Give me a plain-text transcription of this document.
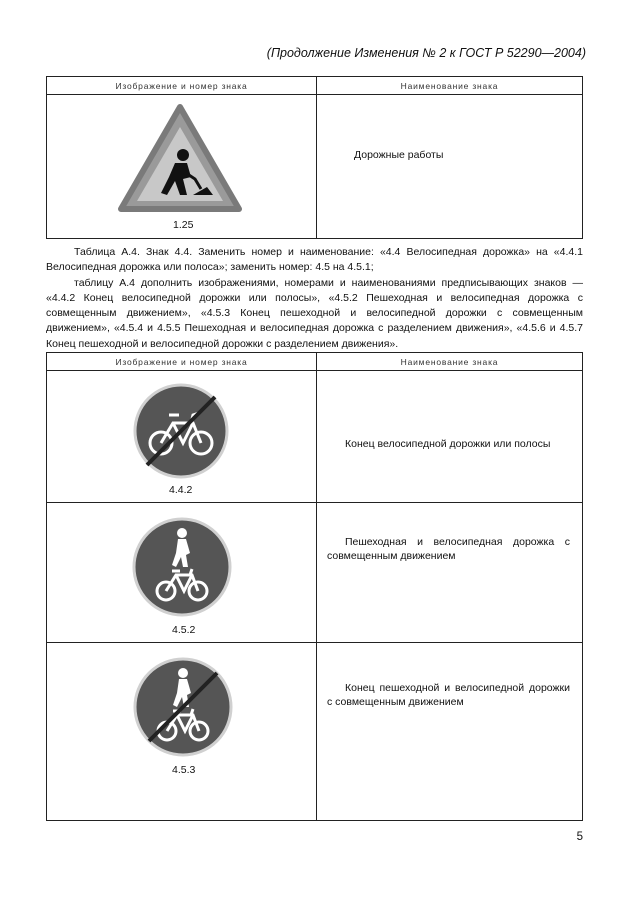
(Продолжение Изменения № 2 к ГОСТ Р 52290—2004)
Изображение и номер знака	Наименование знака

1.25	Дорожные работы

Таблица А.4. Знак 4.4. Заменить номер и наименование: «4.4 Велосипедная дорожка» на «4.4.1 Велосипедная дорожка или полоса»; заменить номер: 4.5 на 4.5.1;

таблицу А.4 дополнить изображениями, номерами и наименованиями предписывающих знаков — «4.4.2 Конец велосипедной дорожки или полосы», «4.5.2 Пешеходная и велосипедная дорожка с совмещенным движением», «4.5.3 Конец пешеходной и велосипедной дорожки с совмещенным движением», «4.5.4 и 4.5.5 Пешеходная и велосипедная дорожка с разделением движения», «4.5.6 и 4.5.7 Конец пешеходной и велосипедной дорожки с разделением движения».

Изображение и номер знака	Наименование знака

4.4.2	Конец велосипедной дорожки или полосы

4.5.2	Пешеходная и велосипедная дорожка с совмещенным движением

4.5.3	Конец пешеходной и велосипедной дорожки с совмещенным движением
5
